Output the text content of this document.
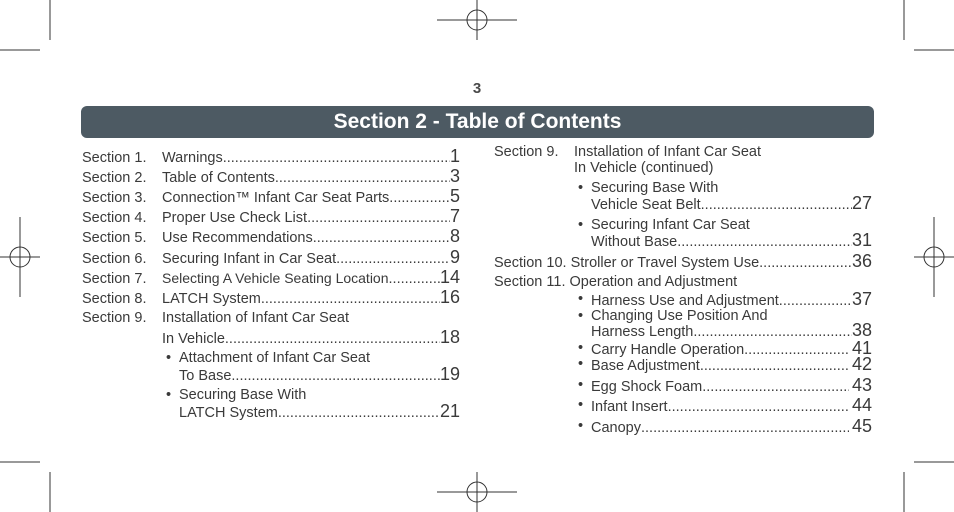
3
Section 2 - Table of Contents
Section 1.	Warnings .....	1
Section 2.	Table of Contents .....	3
Section 3.	Connection™ Infant Car Seat Parts .....	5
Section 4.	Proper Use Check List .....	7
Section 5.	Use Recommendations .....	8
Section 6.	Securing Infant in Car Seat .....	9
Section 7.	Selecting A Vehicle Seating Location .....	14
Section 8.	LATCH System .....	16
Section 9. Installation of Infant Car Seat
In Vehicle .....	18
• Attachment of Infant Car Seat
To Base .....	19
• Securing Base With
LATCH System .....	21
Section 9. Installation of Infant Car Seat
In Vehicle (continued)
• Securing Base With
Vehicle Seat Belt .....	27
• Securing Infant Car Seat
Without Base .....	31
Section 10. Stroller or Travel System Use .....	36
Section 11. Operation and Adjustment
• Harness Use and Adjustment .....	37
• Changing Use Position And
Harness Length .....	38
• Carry Handle Operation .....	41
• Base Adjustment .....	42
• Egg Shock Foam .....	43
• Infant Insert .....	44
• Canopy .....	45
